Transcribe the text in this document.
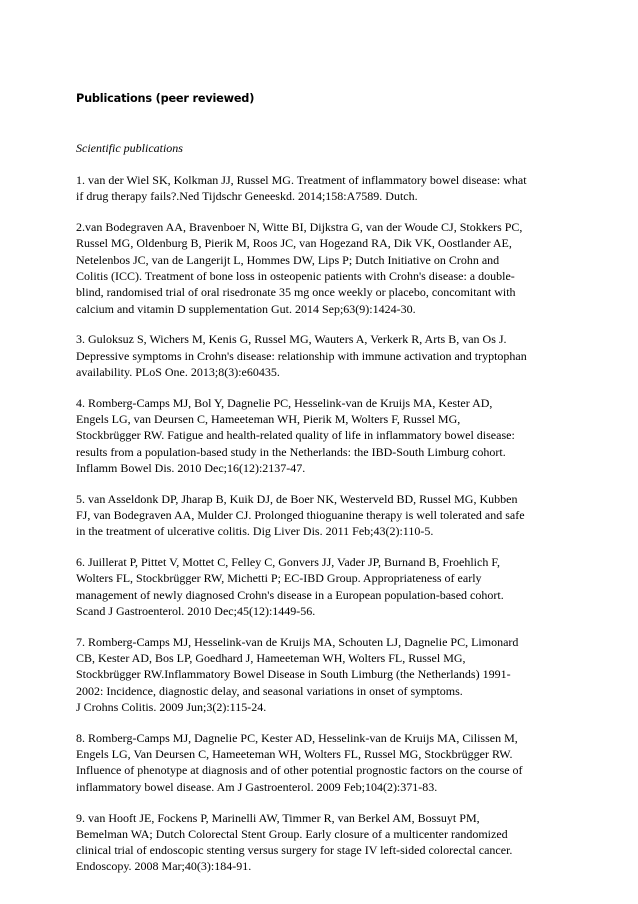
Publications (peer reviewed)
Scientific publications
1. van der Wiel SK, Kolkman JJ, Russel MG. Treatment of inflammatory bowel disease: what
if drug therapy fails?.Ned Tijdschr Geneeskd. 2014;158:A7589. Dutch.
2.van Bodegraven AA, Bravenboer N, Witte BI, Dijkstra G, van der Woude CJ, Stokkers PC,
Russel MG, Oldenburg B, Pierik M, Roos JC, van Hogezand RA, Dik VK, Oostlander AE,
Netelenbos JC, van de Langerijt L, Hommes DW, Lips P; Dutch Initiative on Crohn and
Colitis (ICC). Treatment of bone loss in osteopenic patients with Crohn's disease: a double-
blind, randomised trial of oral risedronate 35 mg once weekly or placebo, concomitant with
calcium and vitamin D supplementation Gut. 2014 Sep;63(9):1424-30.
3. Guloksuz S, Wichers M, Kenis G, Russel MG, Wauters A, Verkerk R, Arts B, van Os J.
Depressive symptoms in Crohn's disease: relationship with immune activation and tryptophan
availability. PLoS One. 2013;8(3):e60435.
4. Romberg-Camps MJ, Bol Y, Dagnelie PC, Hesselink-van de Kruijs MA, Kester AD,
Engels LG, van Deursen C, Hameeteman WH, Pierik M, Wolters F, Russel MG,
Stockbrügger RW. Fatigue and health-related quality of life in inflammatory bowel disease:
results from a population-based study in the Netherlands: the IBD-South Limburg cohort.
Inflamm Bowel Dis. 2010 Dec;16(12):2137-47.
5. van Asseldonk DP, Jharap B, Kuik DJ, de Boer NK, Westerveld BD, Russel MG, Kubben
FJ, van Bodegraven AA, Mulder CJ. Prolonged thioguanine therapy is well tolerated and safe
in the treatment of ulcerative colitis. Dig Liver Dis. 2011 Feb;43(2):110-5.
6. Juillerat P, Pittet V, Mottet C, Felley C, Gonvers JJ, Vader JP, Burnand B, Froehlich F,
Wolters FL, Stockbrügger RW, Michetti P; EC-IBD Group. Appropriateness of early
management of newly diagnosed Crohn's disease in a European population-based cohort.
Scand J Gastroenterol. 2010 Dec;45(12):1449-56.
7. Romberg-Camps MJ, Hesselink-van de Kruijs MA, Schouten LJ, Dagnelie PC, Limonard
CB, Kester AD, Bos LP, Goedhard J, Hameeteman WH, Wolters FL, Russel MG,
Stockbrügger RW.Inflammatory Bowel Disease in South Limburg (the Netherlands) 1991-
2002: Incidence, diagnostic delay, and seasonal variations in onset of symptoms.
J Crohns Colitis. 2009 Jun;3(2):115-24.
8. Romberg-Camps MJ, Dagnelie PC, Kester AD, Hesselink-van de Kruijs MA, Cilissen M,
Engels LG, Van Deursen C, Hameeteman WH, Wolters FL, Russel MG, Stockbrügger RW.
Influence of phenotype at diagnosis and of other potential prognostic factors on the course of
inflammatory bowel disease. Am J Gastroenterol. 2009 Feb;104(2):371-83.
9. van Hooft JE, Fockens P, Marinelli AW, Timmer R, van Berkel AM, Bossuyt PM,
Bemelman WA; Dutch Colorectal Stent Group. Early closure of a multicenter randomized
clinical trial of endoscopic stenting versus surgery for stage IV left-sided colorectal cancer.
Endoscopy. 2008 Mar;40(3):184-91.
